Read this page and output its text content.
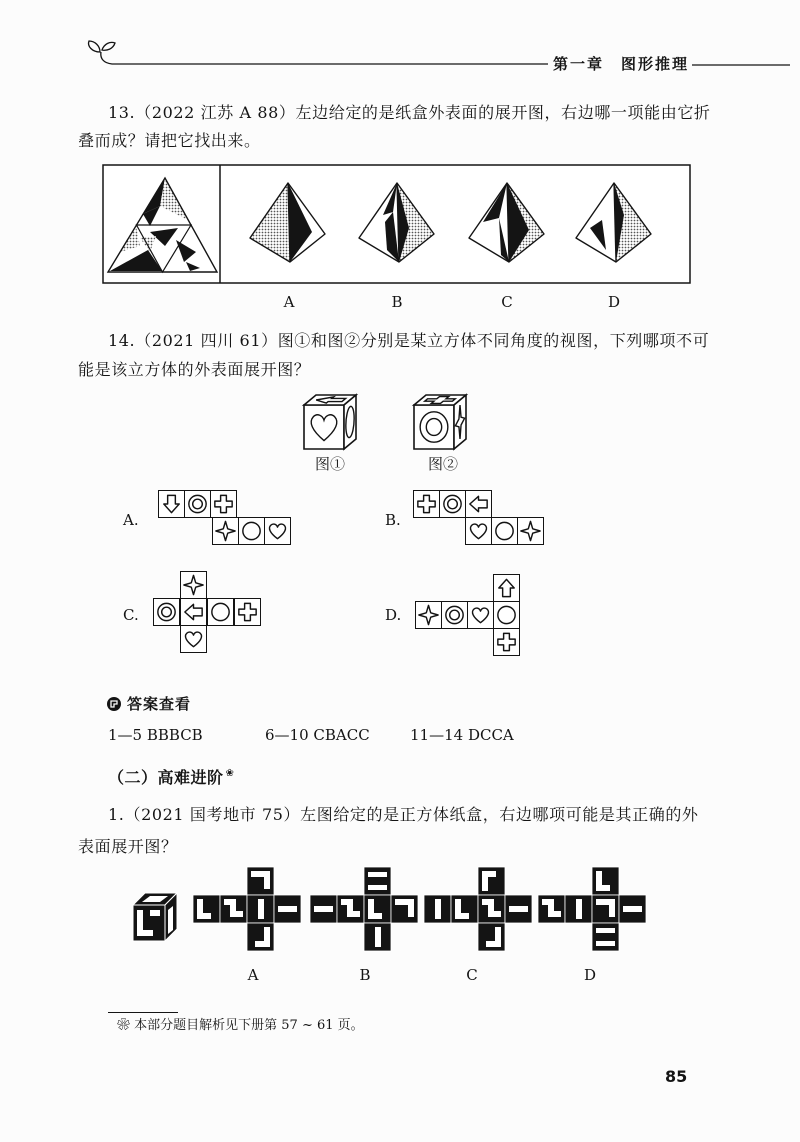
第一章 图形推理
13.（2022 江苏 A 88）左边给定的是纸盒外表面的展开图，右边哪一项能由它折
叠而成？请把它找出来。
A	B	C	D
14.（2021 四川 61）图①和图②分别是某立方体不同角度的视图，下列哪项不可
能是该立方体的外表面展开图？
图①	图②
A.	B.
C.	D.
答案查看
1—5 BBBCB	6—10 CBACC	11—14 DCCA
（二）高难进阶 ❀
1.（2021 国考地市 75）左图给定的是正方体纸盒，右边哪项可能是其正确的外
表面展开图？
A	B	C	D
❀ 本部分题目解析见下册第 57 ~ 61 页。
85
